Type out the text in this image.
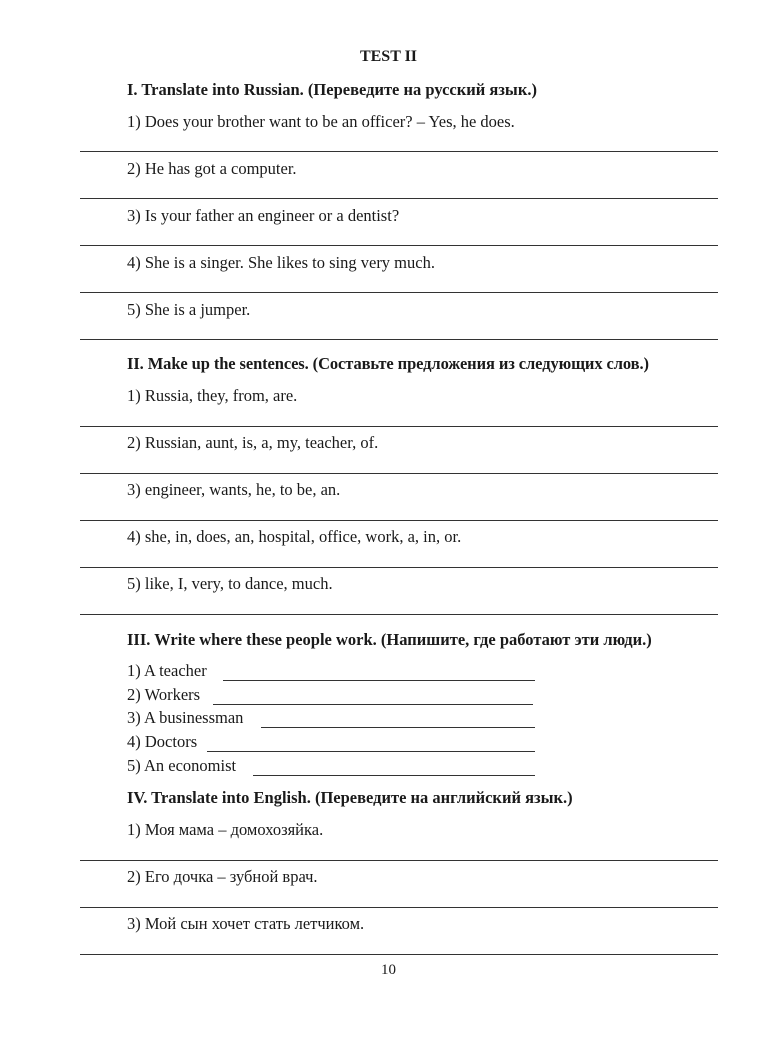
TEST II
I. Translate into Russian. (Переведите на русский язык.)
1) Does your brother want to be an officer? – Yes, he does.
2) He has got a computer.
3) Is your father an engineer or a dentist?
4) She is a singer. She likes to sing very much.
5) She is a jumper.
II. Make up the sentences. (Составьте предложения из следующих слов.)
1) Russia, they, from, are.
2) Russian, aunt, is, a, my, teacher, of.
3) engineer, wants, he, to be, an.
4) she, in, does, an, hospital, office, work, a, in, or.
5) like, I, very, to dance, much.
III. Write where these people work. (Напишите, где работают эти люди.)
1) A teacher
2) Workers
3) A businessman
4) Doctors
5) An economist
IV. Translate into English. (Переведите на английский язык.)
1) Моя мама – домохозяйка.
2) Его дочка – зубной врач.
3) Мой сын хочет стать летчиком.
10
